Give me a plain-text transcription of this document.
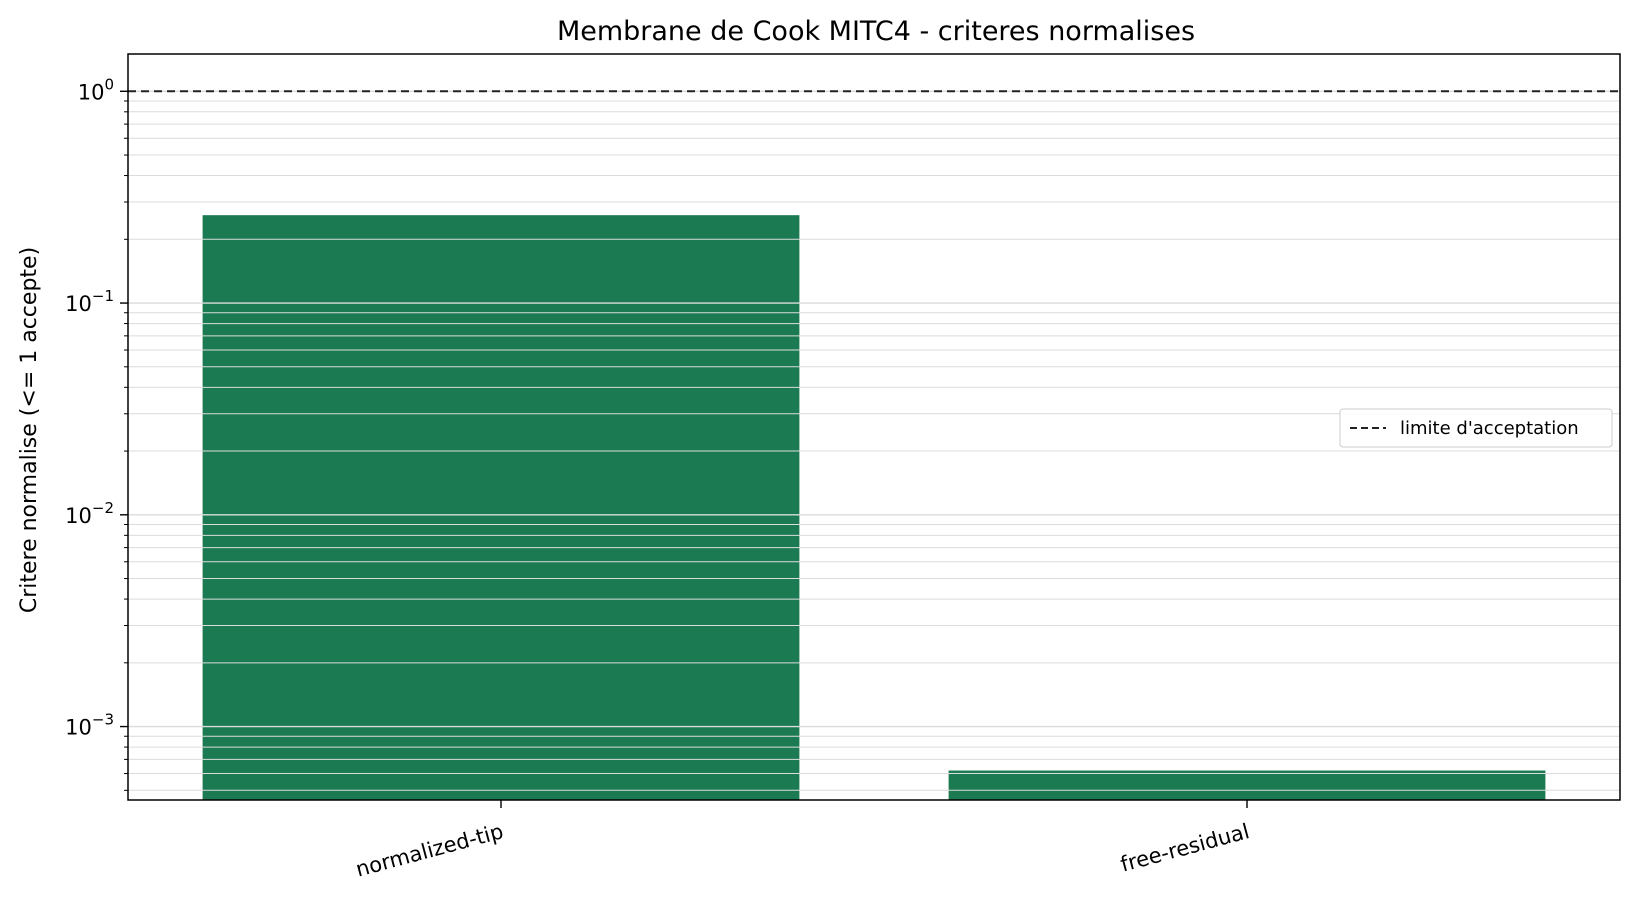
Membrane de Cook MITC4 - criteres normalises
Critere normalise (<= 1 accepte)
$10^{-3}$
$10^{-2}$
$10^{-1}$
$10^0$
normalized-tip	free-residual
limite d'acceptation
